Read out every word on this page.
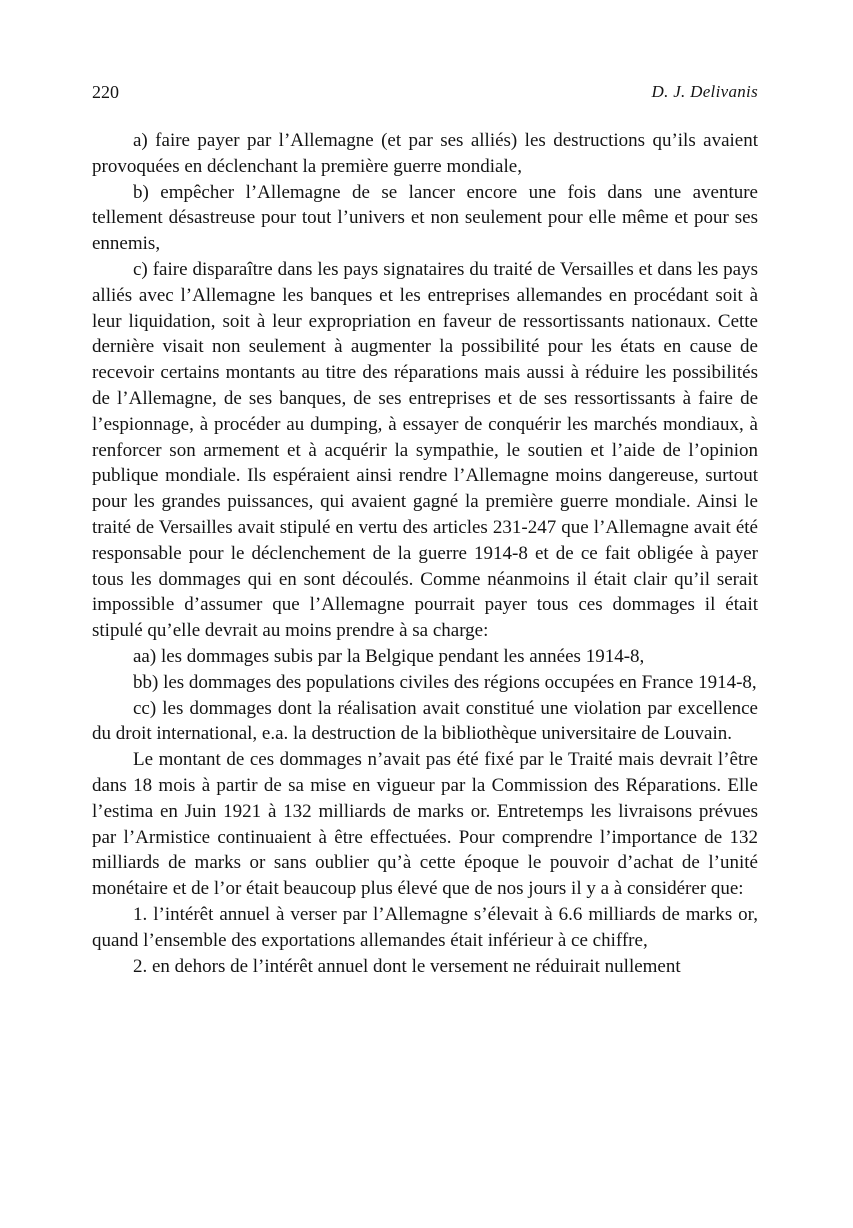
220	D. J. Delivanis

a) faire payer par l’Allemagne (et par ses alliés) les destructions qu’ils avaient provoquées en déclenchant la première guerre mondiale,

b) empêcher l’Allemagne de se lancer encore une fois dans une aventure tellement désastreuse pour tout l’univers et non seulement pour elle même et pour ses ennemis,

c) faire disparaître dans les pays signataires du traité de Versailles et dans les pays alliés avec l’Allemagne les banques et les entreprises allemandes en procédant soit à leur liquidation, soit à leur expropriation en faveur de ressortissants nationaux. Cette dernière visait non seulement à augmenter la possibilité pour les états en cause de recevoir certains montants au titre des réparations mais aussi à réduire les possibilités de l’Allemagne, de ses banques, de ses entreprises et de ses ressortissants à faire de l’espionnage, à procéder au dumping, à essayer de conquérir les marchés mondiaux, à renforcer son armement et à acquérir la sympathie, le soutien et l’aide de l’opinion publique mondiale. Ils espéraient ainsi rendre l’Allemagne moins dangereuse, surtout pour les grandes puissances, qui avaient gagné la première guerre mondiale. Ainsi le traité de Versailles avait stipulé en vertu des articles 231-247 que l’Allemagne avait été responsable pour le déclenchement de la guerre 1914-8 et de ce fait obligée à payer tous les dommages qui en sont découlés. Comme néanmoins il était clair qu’il serait impossible d’assumer que l’Allemagne pourrait payer tous ces dommages il était stipulé qu’elle devrait au moins prendre à sa charge:

aa) les dommages subis par la Belgique pendant les années 1914-8,

bb) les dommages des populations civiles des régions occupées en France 1914-8,

cc) les dommages dont la réalisation avait constitué une violation par excellence du droit international, e.a. la destruction de la bibliothèque universitaire de Louvain.

Le montant de ces dommages n’avait pas été fixé par le Traité mais devrait l’être dans 18 mois à partir de sa mise en vigueur par la Commission des Réparations. Elle l’estima en Juin 1921 à 132 milliards de marks or. Entretemps les livraisons prévues par l’Armistice continuaient à être effectuées. Pour comprendre l’importance de 132 milliards de marks or sans oublier qu’à cette époque le pouvoir d’achat de l’unité monétaire et de l’or était beaucoup plus élevé que de nos jours il y a à considérer que:

1. l’intérêt annuel à verser par l’Allemagne s’élevait à 6.6 milliards de marks or, quand l’ensemble des exportations allemandes était inférieur à ce chiffre,

2. en dehors de l’intérêt annuel dont le versement ne réduirait nullement
